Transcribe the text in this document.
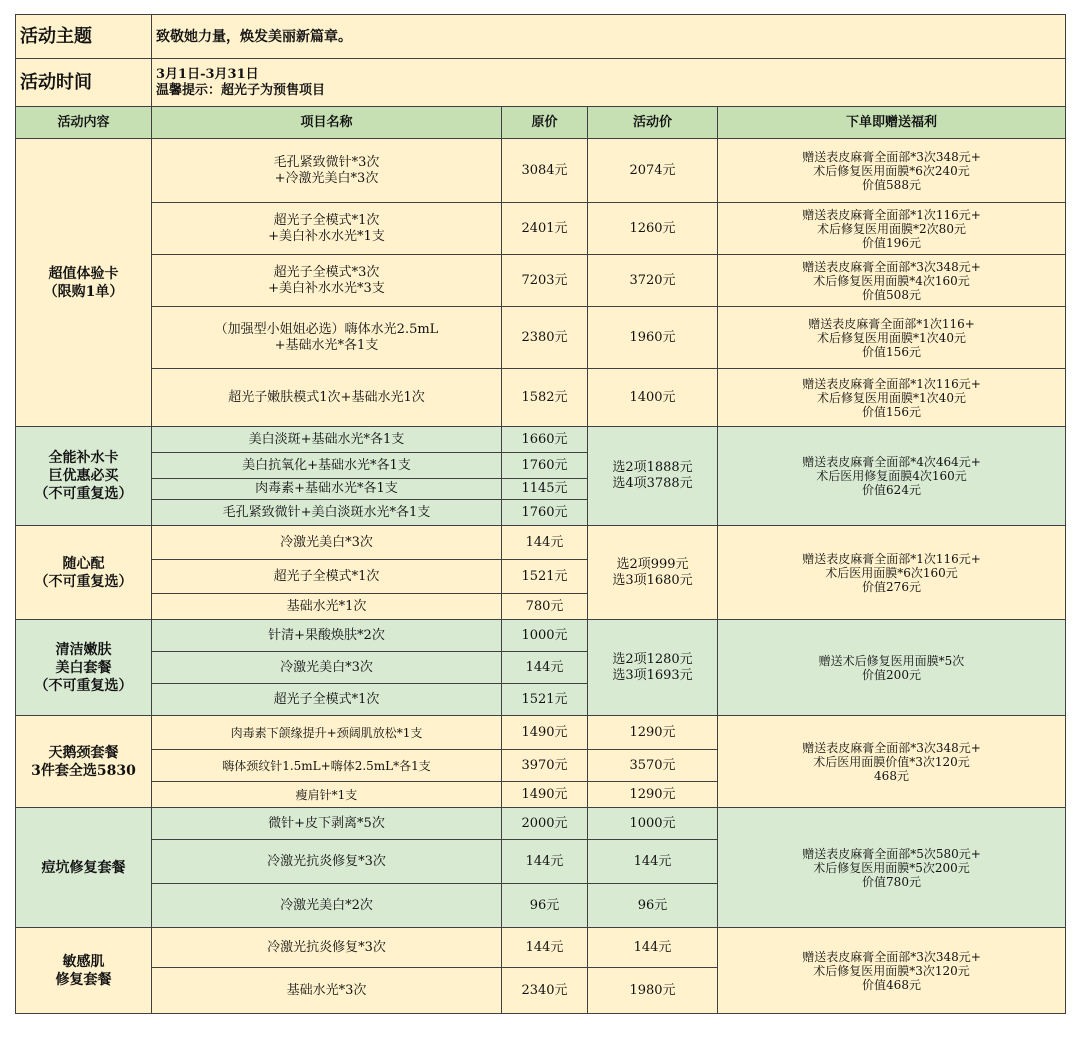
活动主题	致敬她力量，焕发美丽新篇章。			
活动时间	3月1日-3月31日
温馨提示：超光子为预售项目			
活动内容	项目名称	原价	活动价	下单即赠送福利
超值体验卡
（限购1单）	毛孔紧致微针*3次
+冷激光美白*3次	3084元	2074元	赠送表皮麻膏全面部*3次348元+
术后修复医用面膜*6次240元
价值588元
	超光子全模式*1次
+美白补水水光*1支	2401元	1260元	赠送表皮麻膏全面部*1次116元+
术后修复医用面膜*2次80元
价值196元
	超光子全模式*3次
+美白补水水光*3支	7203元	3720元	赠送表皮麻膏全面部*3次348元+
术后修复医用面膜*4次160元
价值508元
	（加强型小姐姐必选）嗨体水光2.5mL
+基础水光*各1支	2380元	1960元	赠送表皮麻膏全面部*1次116+
术后修复医用面膜*1次40元
价值156元
	超光子嫩肤模式1次+基础水光1次	1582元	1400元	赠送表皮麻膏全面部*1次116元+
术后修复医用面膜*1次40元
价值156元
全能补水卡
巨优惠必买
（不可重复选）	美白淡斑+基础水光*各1支	1660元	选2项1888元
选4项3788元	赠送表皮麻膏全面部*4次464元+
术后医用修复面膜4次160元
价值624元
	美白抗氧化+基础水光*各1支	1760元		
	肉毒素+基础水光*各1支	1145元		
	毛孔紧致微针+美白淡斑水光*各1支	1760元		
随心配
（不可重复选）	冷激光美白*3次	144元	选2项999元
选3项1680元	赠送表皮麻膏全面部*1次116元+
术后医用面膜*6次160元
价值276元
	超光子全模式*1次	1521元		
	基础水光*1次	780元		
清洁嫩肤
美白套餐
（不可重复选）	针清+果酸焕肤*2次	1000元	选2项1280元
选3项1693元	赠送术后修复医用面膜*5次
价值200元
	冷激光美白*3次	144元		
	超光子全模式*1次	1521元		
天鹅颈套餐
3件套全选5830	肉毒素下颌缘提升+颈阔肌放松*1支	1490元	1290元	赠送表皮麻膏全面部*3次348元+
术后医用面膜价值*3次120元
468元
	嗨体颈纹针1.5mL+嗨体2.5mL*各1支	3970元	3570元	
	瘦肩针*1支	1490元	1290元	
痘坑修复套餐	微针+皮下剥离*5次	2000元	1000元	赠送表皮麻膏全面部*5次580元+
术后修复医用面膜*5次200元
价值780元
	冷激光抗炎修复*3次	144元	144元	
	冷激光美白*2次	96元	96元	
敏感肌
修复套餐	冷激光抗炎修复*3次	144元	144元	赠送表皮麻膏全面部*3次348元+
术后修复医用面膜*3次120元
价值468元
	基础水光*3次	2340元	1980元	
